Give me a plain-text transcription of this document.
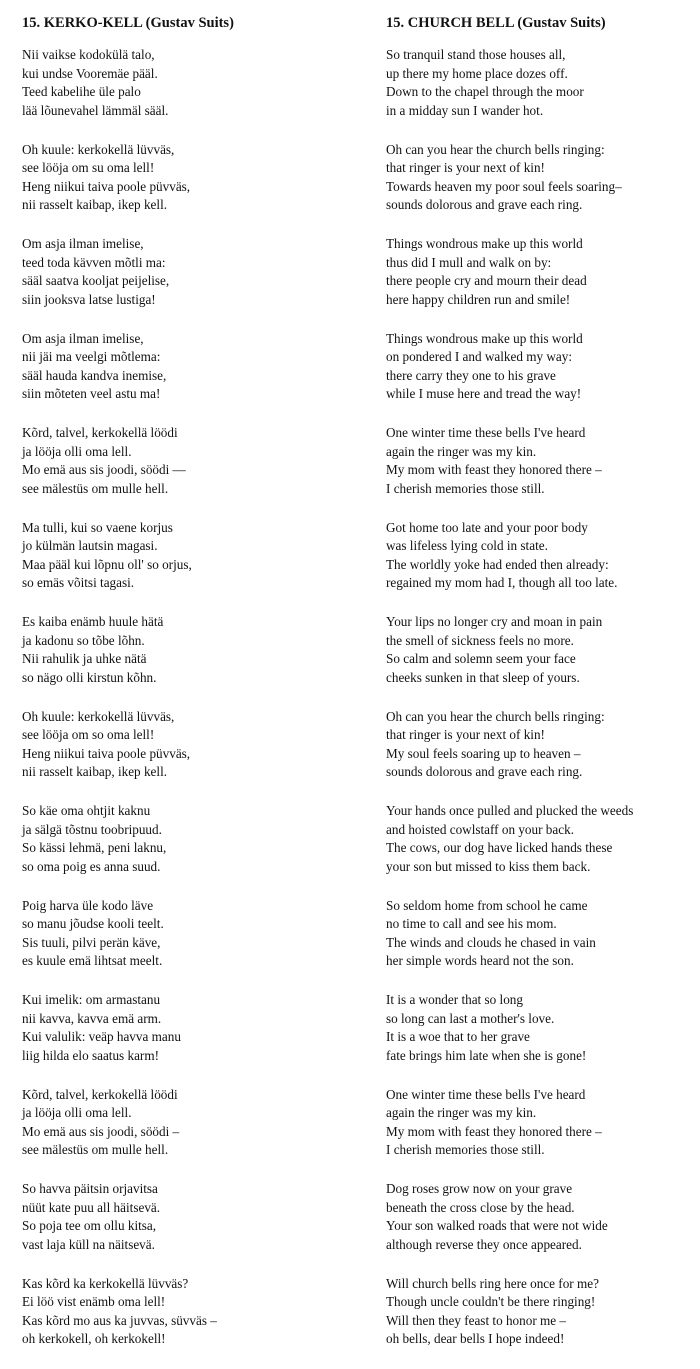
15. KERKO-KELL (Gustav Suits)
Nii vaikse kodokülä talo,
kui undse Vooremäe pääl.
Teed kabelihe üle palo
lää lõunevahel lämmäl sääl.
Oh kuule: kerkokellä lüvväs,
see lööja om su oma lell!
Heng niikui taiva poole püvväs,
nii rasselt kaibap, ikep kell.
Om asja ilman imelise,
teed toda kävven mõtli ma:
sääl saatva kooljat peijelise,
siin jooksva latse lustiga!
Om asja ilman imelise,
nii jäi ma veelgi mõtlema:
sääl hauda kandva inemise,
siin mõteten veel astu ma!
Kõrd, talvel, kerkokellä löödi
ja lööja olli oma lell.
Mo emä aus sis joodi, söödi —
see mälestüs om mulle hell.
Ma tulli, kui so vaene korjus
jo külmän lautsin magasi.
Maa pääl kui lõpnu oll' so orjus,
so emäs võitsi tagasi.
Es kaiba enämb huule hätä
ja kadonu so tõbe lõhn.
Nii rahulik ja uhke nätä
so nägo olli kirstun kõhn.
Oh kuule: kerkokellä lüvväs,
see lööja om so oma lell!
Heng niikui taiva poole püvväs,
nii rasselt kaibap, ikep kell.
So käe oma ohtjit kaknu
ja sälgä tõstnu toobripuud.
So kässi lehmä, peni laknu,
so oma poig es anna suud.
Poig harva üle kodo läve
so manu jõudse kooli teelt.
Sis tuuli, pilvi perän käve,
es kuule emä lihtsat meelt.
Kui imelik: om armastanu
nii kavva, kavva emä arm.
Kui valulik: veäp havva manu
liig hilda elo saatus karm!
Kõrd, talvel, kerkokellä löödi
ja lööja olli oma lell.
Mo emä aus sis joodi, söödi –
see mälestüs om mulle hell.
So havva päitsin orjavitsa
nüüt kate puu all häitsevä.
So poja tee om ollu kitsa,
vast laja küll na näitsevä.
Kas kõrd ka kerkokellä lüvväs?
Ei löö vist enämb oma lell!
Kas kõrd mo aus ka juvvas, süvväs –
oh kerkokell, oh kerkokell!
15. CHURCH BELL (Gustav Suits)
So tranquil stand those houses all,
up there my home place dozes off.
Down to the chapel through the moor
in a midday sun I wander hot.
Oh can you hear the church bells ringing:
that ringer is your next of kin!
Towards heaven my poor soul feels soaring–
sounds dolorous and grave each ring.
Things wondrous make up this world
thus did I mull and walk on by:
there people cry and mourn their dead
here happy children run and smile!
Things wondrous make up this world
on pondered I and walked my way:
there carry they one to his grave
while I muse here and tread the way!
One winter time these bells I've heard
again the ringer was my kin.
My mom with feast they honored there –
I cherish memories those still.
Got home too late and your poor body
was lifeless lying cold in state.
The worldly yoke had ended then already:
regained my mom had I, though all too late.
Your lips no longer cry and moan in pain
the smell of sickness feels no more.
So calm and solemn seem your face
cheeks sunken in that sleep of yours.
Oh can you hear the church bells ringing:
that ringer is your next of kin!
My soul feels soaring up to heaven –
sounds dolorous and grave each ring.
Your hands once pulled and plucked the weeds
and hoisted cowlstaff on your back.
The cows, our dog have licked hands these
your son but missed to kiss them back.
So seldom home from school he came
no time to call and see his mom.
The winds and clouds he chased in vain
her simple words heard not the son.
It is a wonder that so long
so long can last a mother's love.
It is a woe that to her grave
fate brings him late when she is gone!
One winter time these bells I've heard
again the ringer was my kin.
My mom with feast they honored there –
I cherish memories those still.
Dog roses grow now on your grave
beneath the cross close by the head.
Your son walked roads that were not wide
although reverse they once appeared.
Will church bells ring here once for me?
Though uncle couldn't be there ringing!
Will then they feast to honor me –
oh bells, dear bells I hope indeed!
